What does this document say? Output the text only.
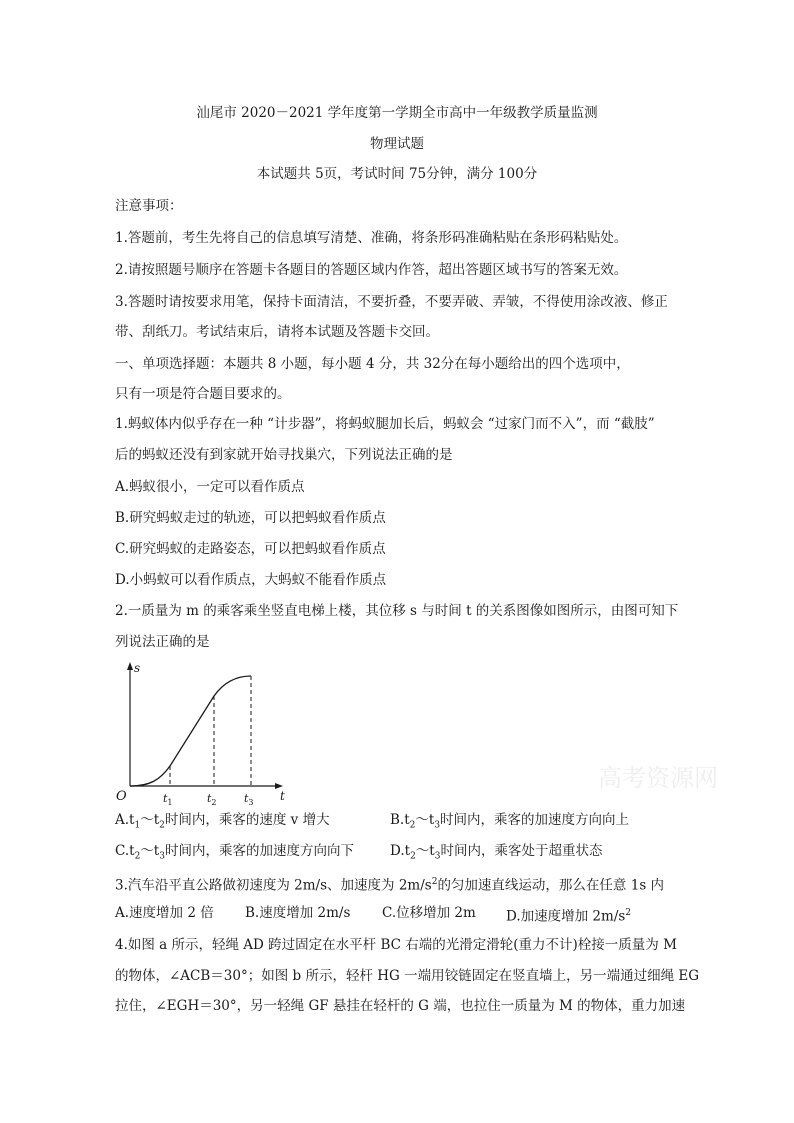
汕尾市 2020－2021 学年度第一学期全市高中一年级教学质量监测
物理试题
本试题共 5页，考试时间 75分钟，满分 100分
注意事项：
1.答题前，考生先将自己的信息填写清楚、准确，将条形码准确粘贴在条形码粘贴处。
2.请按照题号顺序在答题卡各题目的答题区域内作答，超出答题区域书写的答案无效。
3.答题时请按要求用笔，保持卡面清洁，不要折叠，不要弄破、弄皱，不得使用涂改液、修正
带、刮纸刀。考试结束后，请将本试题及答题卡交回。
一、单项选择题：本题共 8 小题，每小题 4 分，共 32分在每小题给出的四个选项中，
只有一项是符合题目要求的。
1.蚂蚁体内似乎存在一种 “计步器”，将蚂蚁腿加长后，蚂蚁会 “过家门而不入”，而 “截肢”
后的蚂蚁还没有到家就开始寻找巢穴，下列说法正确的是
A.蚂蚁很小，一定可以看作质点
B.研究蚂蚁走过的轨迹，可以把蚂蚁看作质点
C.研究蚂蚁的走路姿态，可以把蚂蚁看作质点
D.小蚂蚁可以看作质点，大蚂蚁不能看作质点
2.一质量为 m 的乘客乘坐竖直电梯上楼，其位移 s 与时间 t 的关系图像如图所示，由图可知下
列说法正确的是
s
t
O	$t_1$	$t_2$ $t_3$
$A.t_1\sim t_2$时间内，乘客的速度 v 增大	$B.t_2\sim t_3$时间内，乘客的加速度方向向上
$C.t_2\sim t_3$时间内，乘客的加速度方向向下	$D.t_2\sim t_3$时间内，乘客处于超重状态
3.汽车沿平直公路做初速度为 2m/s、加速度为 $2m/s^2$的匀加速直线运动，那么在任意 1s 内
A.速度增加 2 倍 B.速度增加 2m/s C.位移增加 2m D.加速度增加 $2m/s^2$
4.如图 a 所示，轻绳 AD 跨过固定在水平杆 BC 右端的光滑定滑轮(重力不计)栓接一质量为 M
的物体，∠ACB＝30°；如图 b 所示，轻杆 HG 一端用铰链固定在竖直墙上，另一端通过细绳 EG
拉住，∠EGH＝30°，另一轻绳 GF 悬挂在轻杆的 G 端，也拉住一质量为 M 的物体，重力加速
高考资源网
